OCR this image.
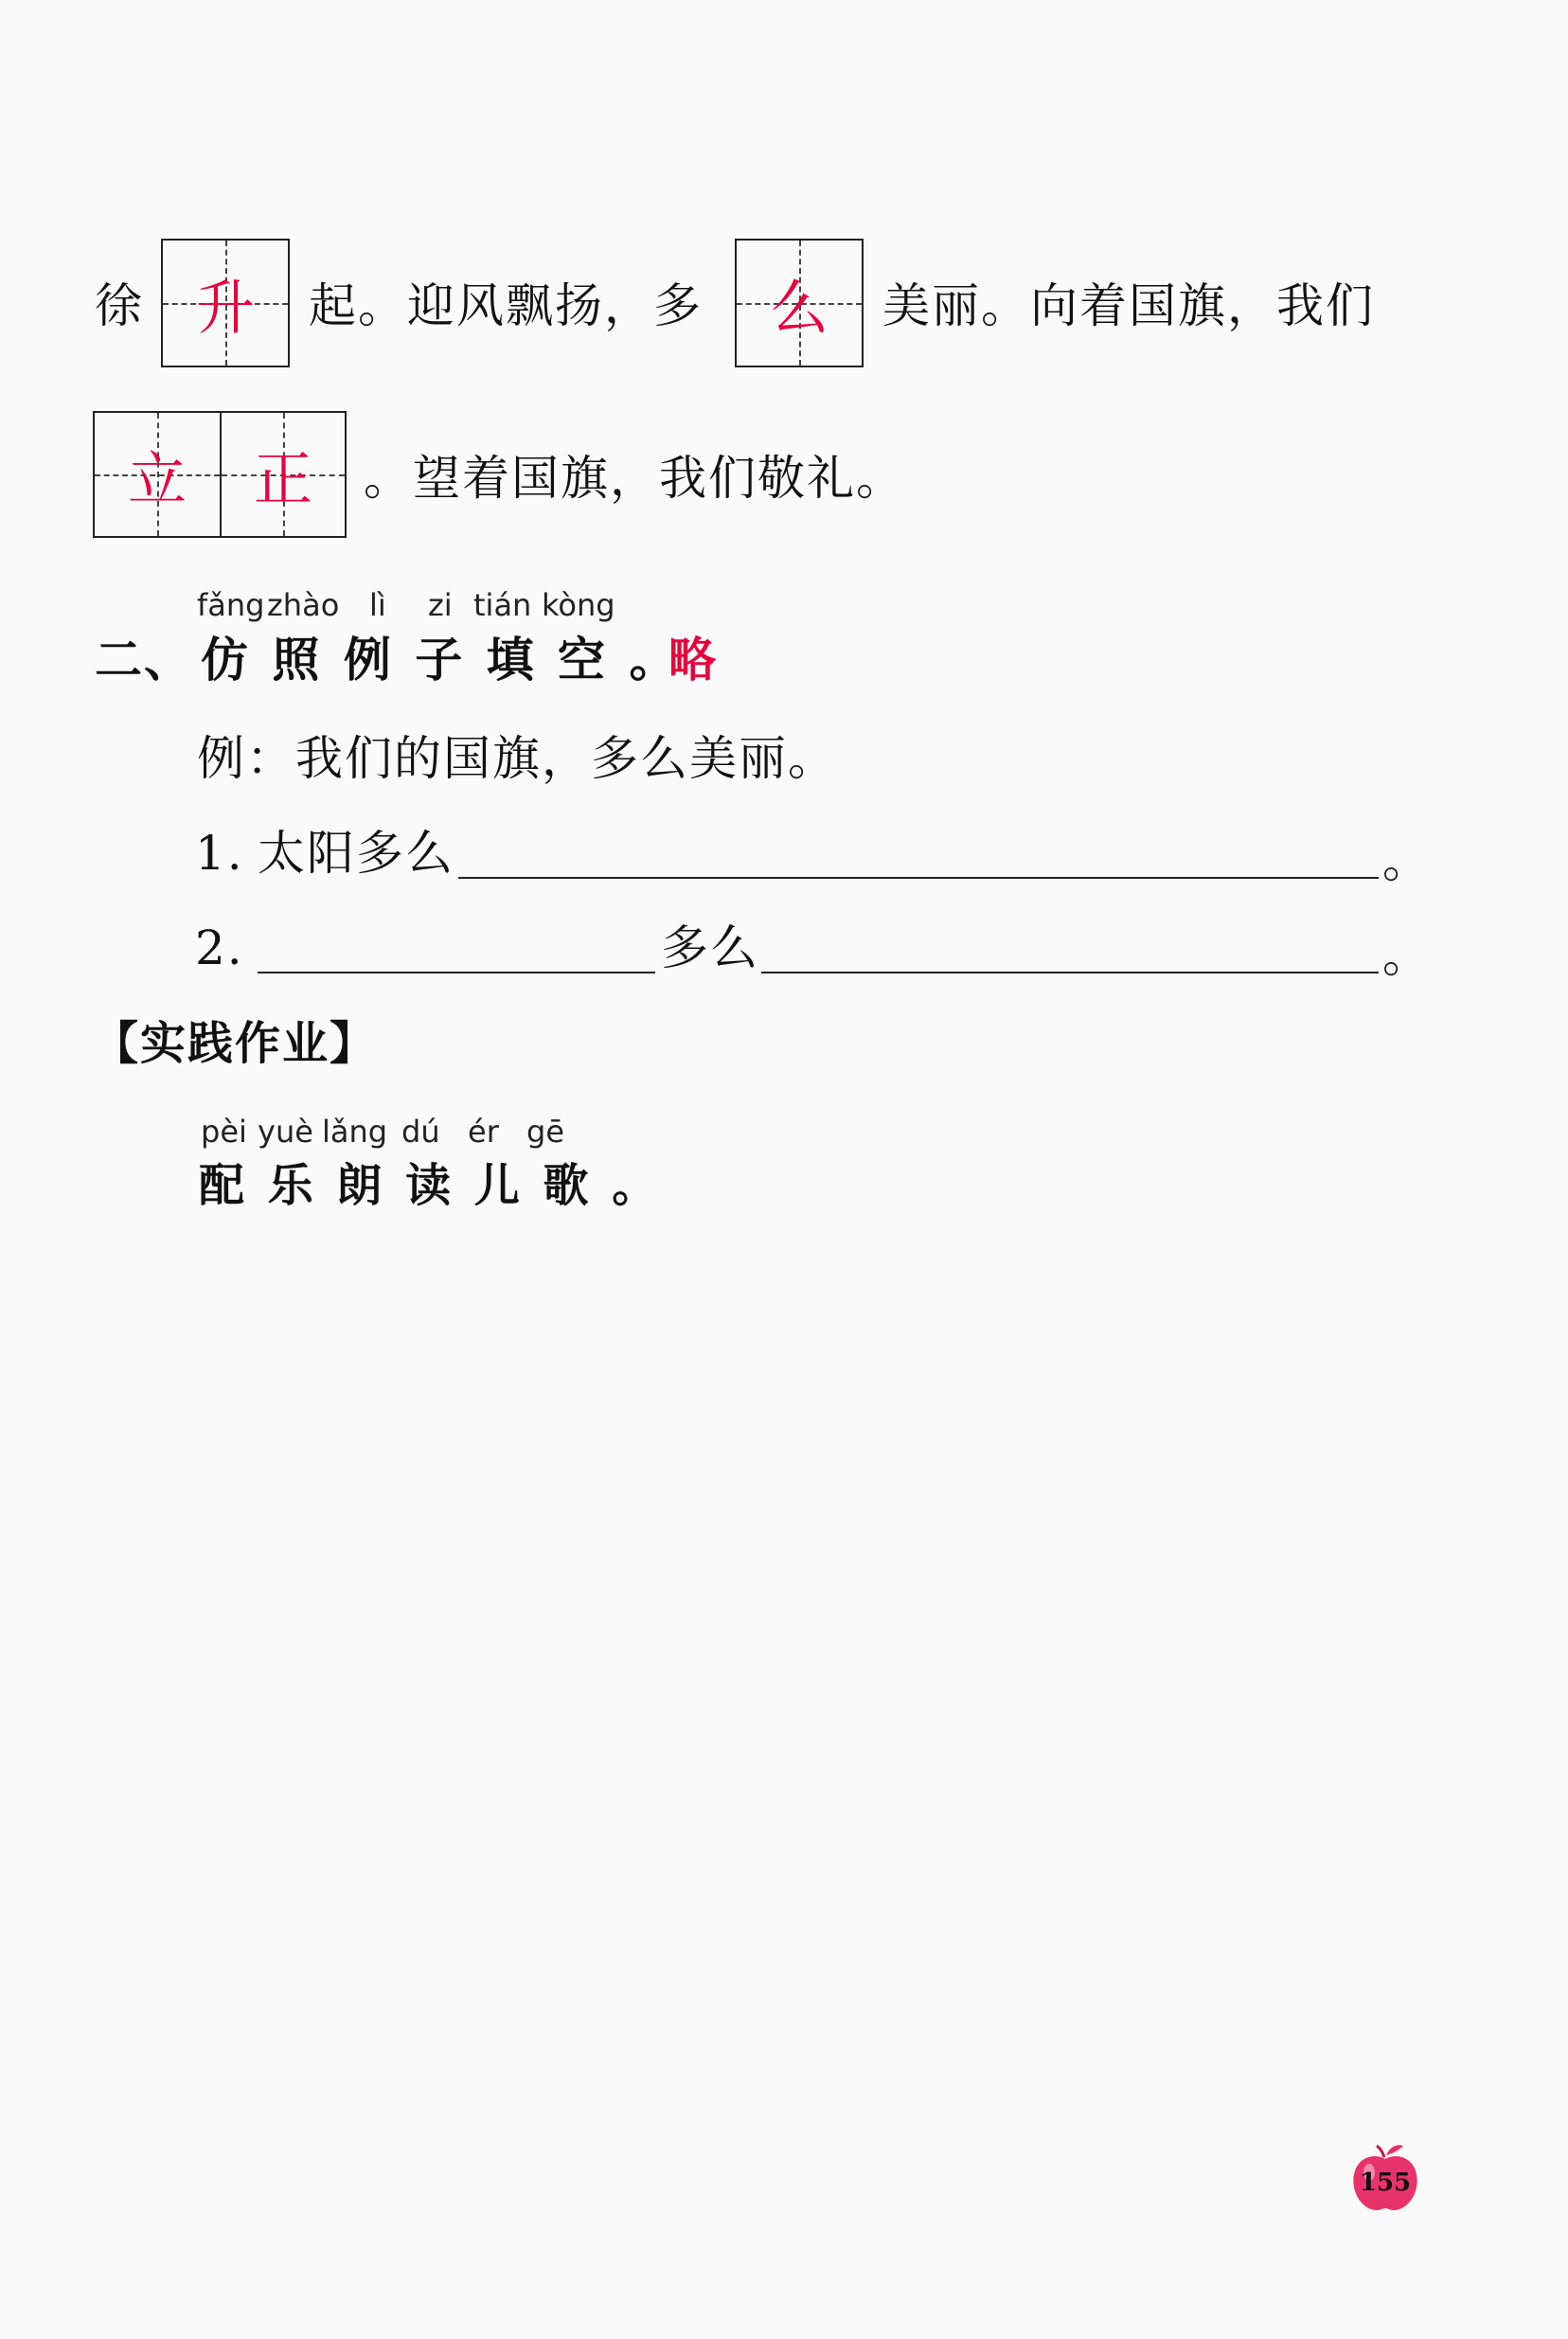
徐 升	起。迎风飘扬，多	么	美丽。向着国旗，我们
立	正	。望着国旗，我们敬礼。
fǎng zhào lì zi tián kòng
二、 仿 照 例 子 填 空 。
略
例：我们的国旗，多么美丽。
1. 太阳多么	。
2.	多么	。
【实践作业】
pèi yuè lǎng dú ér gē
配 乐 朗 读 儿 歌 。
155
